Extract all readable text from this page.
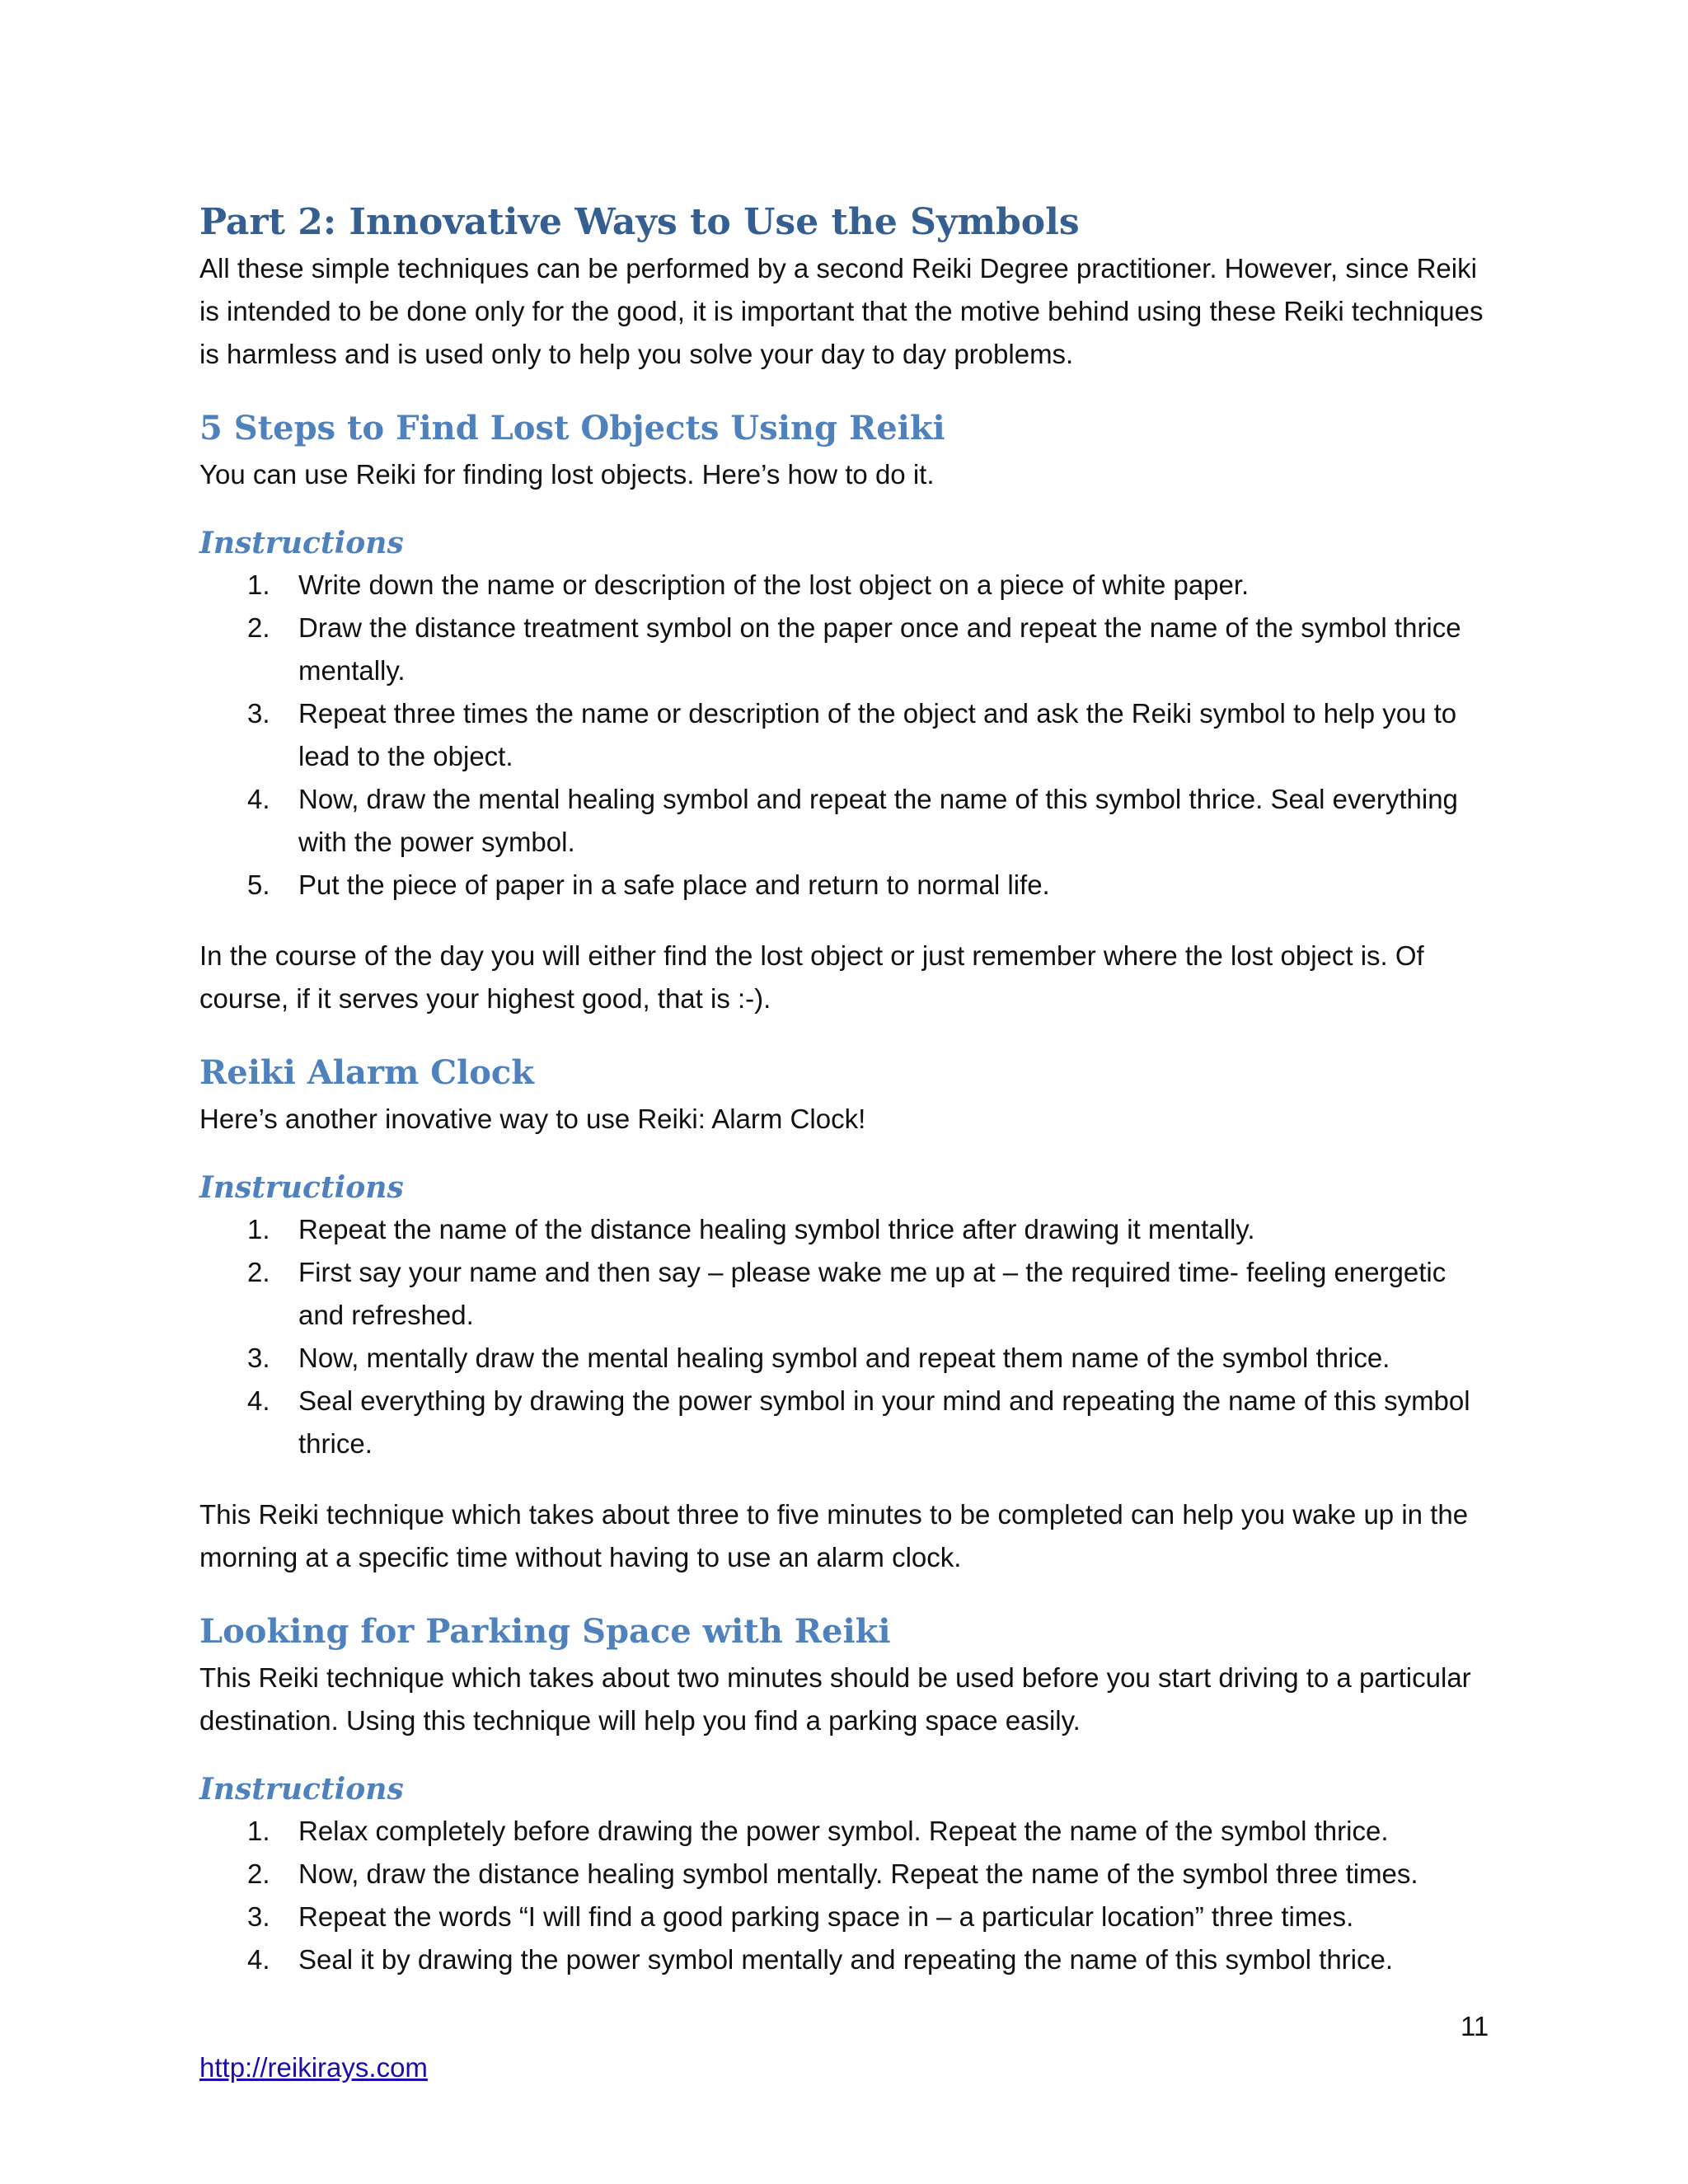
Part 2: Innovative Ways to Use the Symbols

All these simple techniques can be performed by a second Reiki Degree practitioner. However, since Reiki is intended to be done only for the good, it is important that the motive behind using these Reiki techniques is harmless and is used only to help you solve your day to day problems.

5 Steps to Find Lost Objects Using Reiki

You can use Reiki for finding lost objects. Here’s how to do it.

Instructions
1. Write down the name or description of the lost object on a piece of white paper.
2. Draw the distance treatment symbol on the paper once and repeat the name of the symbol thrice mentally.
3. Repeat three times the name or description of the object and ask the Reiki symbol to help you to lead to the object.
4. Now, draw the mental healing symbol and repeat the name of this symbol thrice. Seal everything with the power symbol.
5. Put the piece of paper in a safe place and return to normal life.

In the course of the day you will either find the lost object or just remember where the lost object is. Of course, if it serves your highest good, that is :-).

Reiki Alarm Clock

Here’s another inovative way to use Reiki: Alarm Clock!

Instructions
1. Repeat the name of the distance healing symbol thrice after drawing it mentally.
2. First say your name and then say – please wake me up at – the required time- feeling energetic and refreshed.
3. Now, mentally draw the mental healing symbol and repeat them name of the symbol thrice.
4. Seal everything by drawing the power symbol in your mind and repeating the name of this symbol thrice.

This Reiki technique which takes about three to five minutes to be completed can help you wake up in the morning at a specific time without having to use an alarm clock.

Looking for Parking Space with Reiki

This Reiki technique which takes about two minutes should be used before you start driving to a particular destination. Using this technique will help you find a parking space easily.

Instructions
1. Relax completely before drawing the power symbol. Repeat the name of the symbol thrice.
2. Now, draw the distance healing symbol mentally. Repeat the name of the symbol three times.
3. Repeat the words “I will find a good parking space in – a particular location” three times.
4. Seal it by drawing the power symbol mentally and repeating the name of this symbol thrice.
11
http://reikirays.com
